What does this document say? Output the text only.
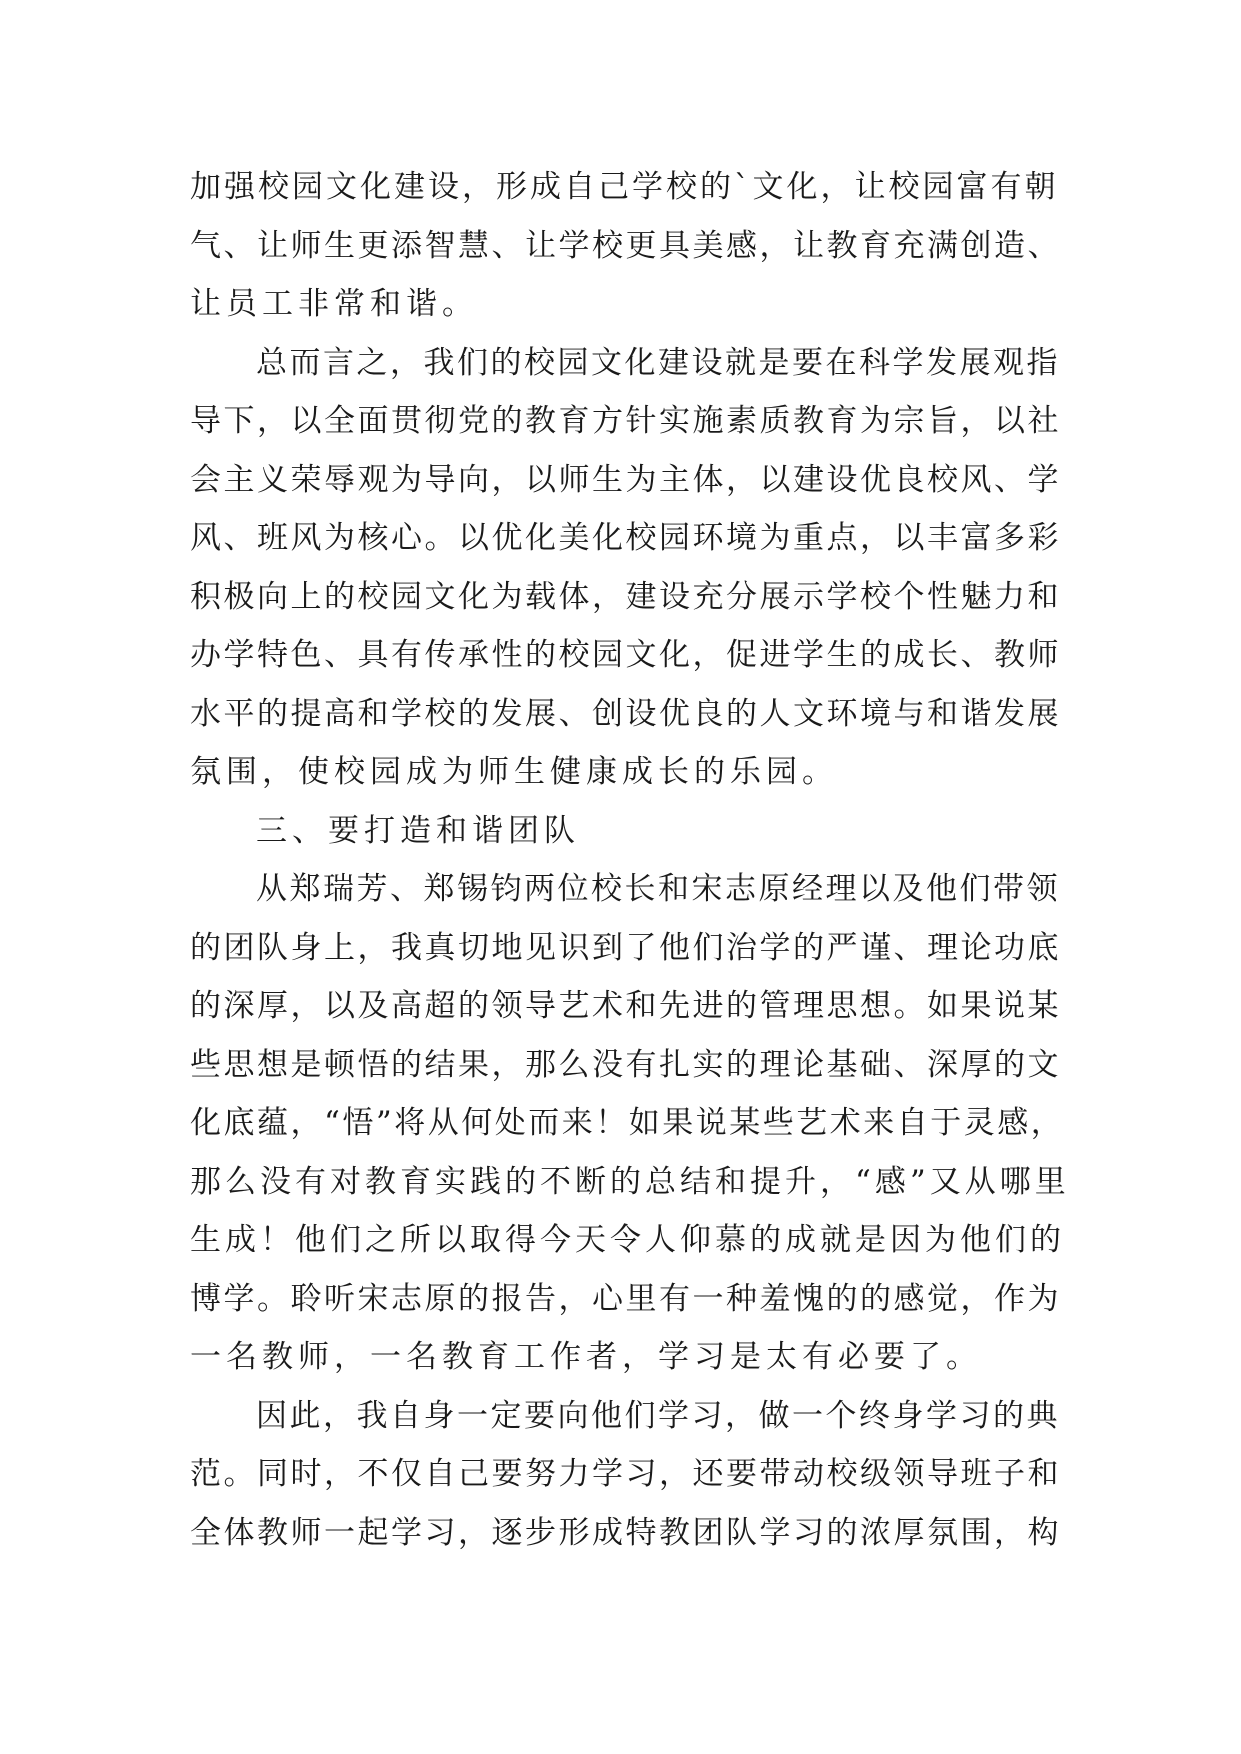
加强校园文化建设，形成自己学校的`文化，让校园富有朝
气、让师生更添智慧、让学校更具美感，让教育充满创造、
让员工非常和谐。
总而言之，我们的校园文化建设就是要在科学发展观指
导下，以全面贯彻党的教育方针实施素质教育为宗旨，以社
会主义荣辱观为导向，以师生为主体，以建设优良校风、学
风、班风为核心。以优化美化校园环境为重点，以丰富多彩
积极向上的校园文化为载体，建设充分展示学校个性魅力和
办学特色、具有传承性的校园文化，促进学生的成长、教师
水平的提高和学校的发展、创设优良的人文环境与和谐发展
氛围，使校园成为师生健康成长的乐园。
三、要打造和谐团队
从郑瑞芳、郑锡钧两位校长和宋志原经理以及他们带领
的团队身上，我真切地见识到了他们治学的严谨、理论功底
的深厚，以及高超的领导艺术和先进的管理思想。如果说某
些思想是顿悟的结果，那么没有扎实的理论基础、深厚的文
化底蕴，“悟”将从何处而来！如果说某些艺术来自于灵感，
那么没有对教育实践的不断的总结和提升，“感”又从哪里
生成！他们之所以取得今天令人仰慕的成就是因为他们的
博学。聆听宋志原的报告，心里有一种羞愧的的感觉，作为
一名教师，一名教育工作者，学习是太有必要了。
因此，我自身一定要向他们学习，做一个终身学习的典
范。同时，不仅自己要努力学习，还要带动校级领导班子和
全体教师一起学习，逐步形成特教团队学习的浓厚氛围，构
